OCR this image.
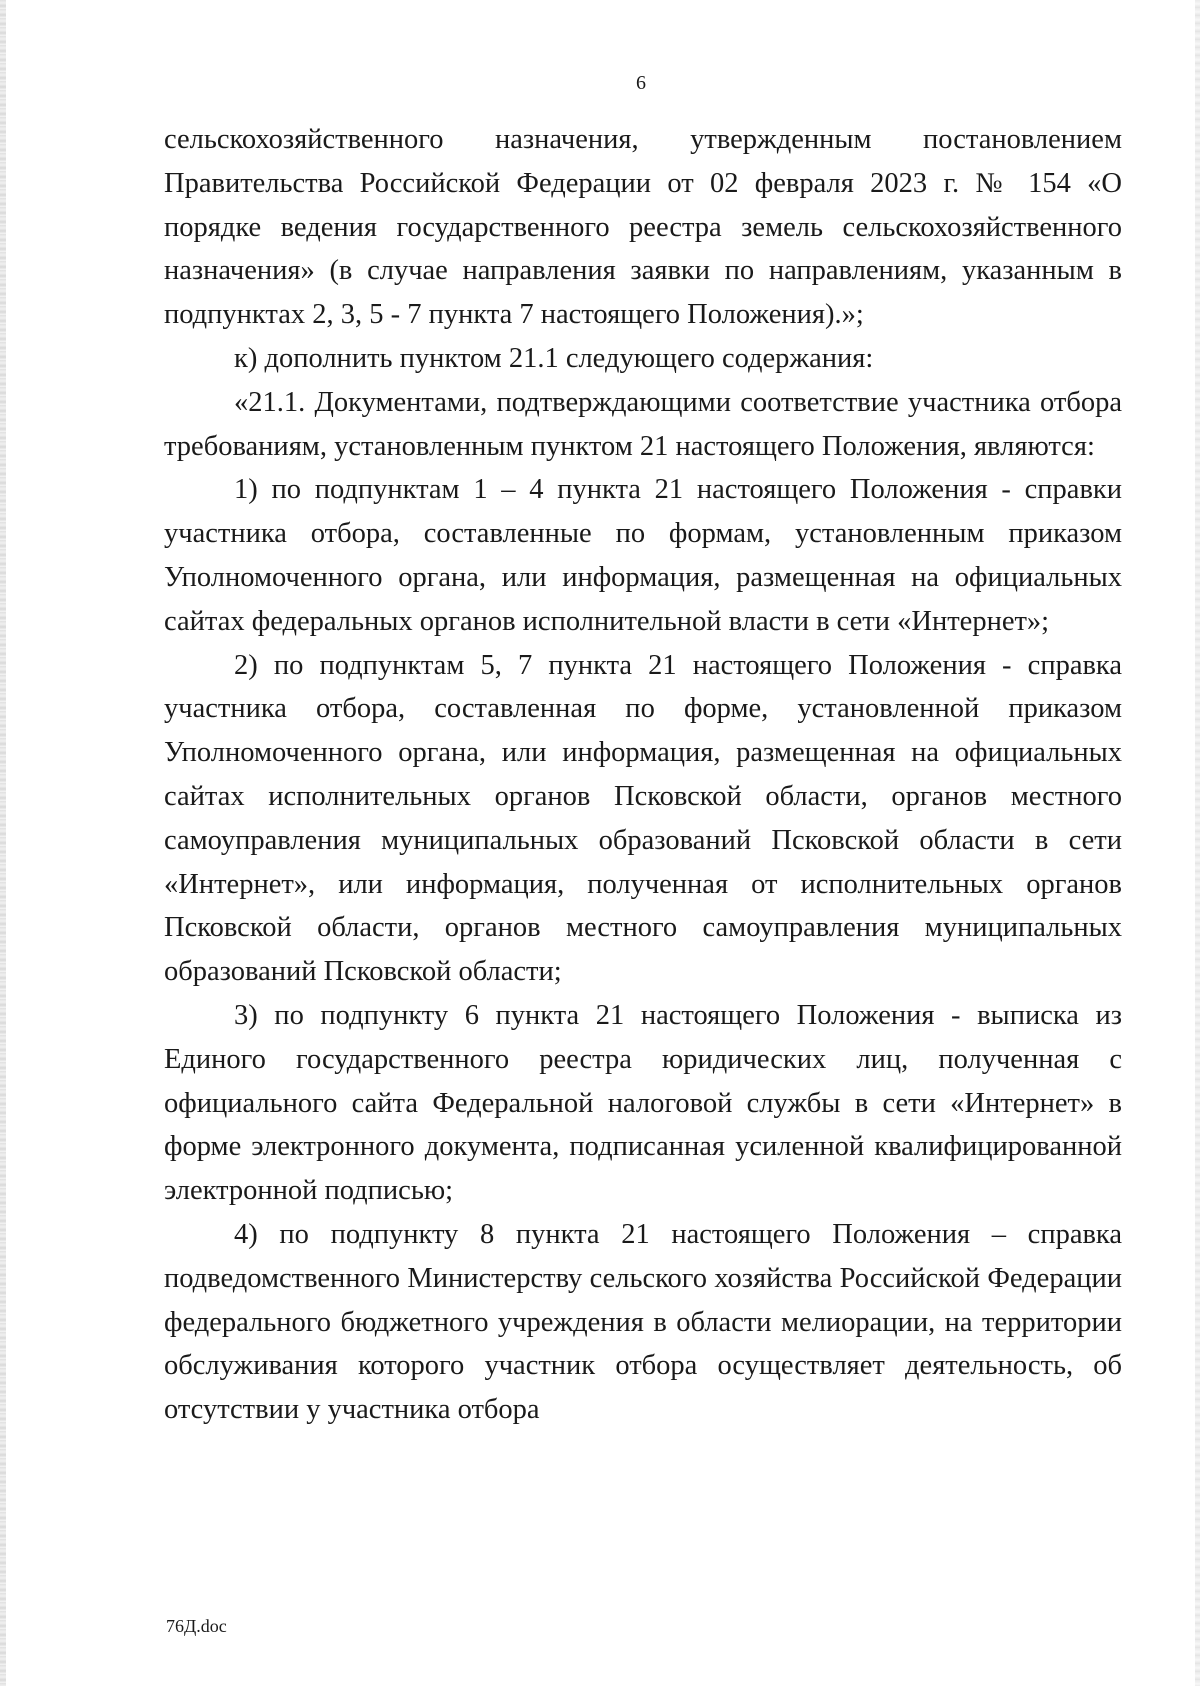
6

сельскохозяйственного назначения, утвержденным постановлением Правительства Российской Федерации от 02 февраля 2023 г. № 154 «О порядке ведения государственного реестра земель сельскохозяйственного назначения» (в случае направления заявки по направлениям, указанным в подпунктах 2, 3, 5 - 7 пункта 7 настоящего Положения).»;

к) дополнить пунктом 21.1 следующего содержания:

«21.1. Документами, подтверждающими соответствие участника отбора требованиям, установленным пунктом 21 настоящего Положения, являются:

1) по подпунктам 1 – 4 пункта 21 настоящего Положения - справки участника отбора, составленные по формам, установленным приказом Уполномоченного органа, или информация, размещенная на официальных сайтах федеральных органов исполнительной власти в сети «Интернет»;

2) по подпунктам 5, 7 пункта 21 настоящего Положения - справка участника отбора, составленная по форме, установленной приказом Уполномоченного органа, или информация, размещенная на официальных сайтах исполнительных органов Псковской области, органов местного самоуправления муниципальных образований Псковской области в сети «Интернет», или информация, полученная от исполнительных органов Псковской области, органов местного самоуправления муниципальных образований Псковской области;

3) по подпункту 6 пункта 21 настоящего Положения - выписка из Единого государственного реестра юридических лиц, полученная с официального сайта Федеральной налоговой службы в сети «Интернет» в форме электронного документа, подписанная усиленной квалифицированной электронной подписью;

4) по подпункту 8 пункта 21 настоящего Положения – справка подведомственного Министерству сельского хозяйства Российской Федерации федерального бюджетного учреждения в области мелиорации, на территории обслуживания которого участник отбора осуществляет деятельность, об отсутствии у участника отбора

76Д.doc
